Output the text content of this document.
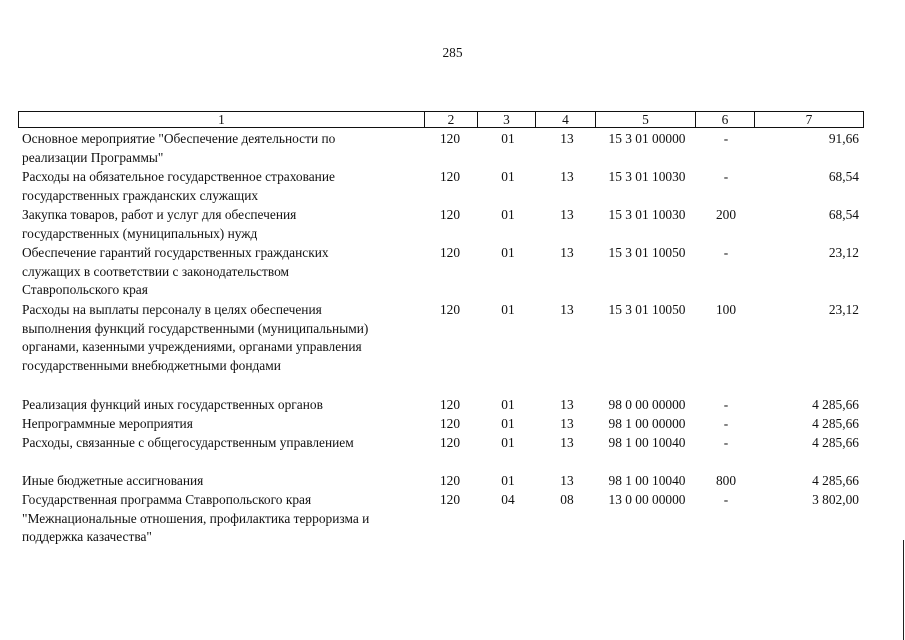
285
1	2	3	4	5	6	7
Основное мероприятие "Обеспечение деятельности по
реализации Программы"
120	01	13	15 3 01 00000	-	91,66
Расходы на обязательное государственное страхование
государственных гражданских служащих
120	01	13	15 3 01 10030	-	68,54
Закупка товаров, работ и услуг для обеспечения
государственных (муниципальных) нужд
120	01	13	15 3 01 10030	200	68,54
Обеспечение гарантий государственных гражданских
служащих в соответствии с законодательством
Ставропольского края
120	01	13	15 3 01 10050	-	23,12
Расходы на выплаты персоналу в целях обеспечения
выполнения функций государственными (муниципальными)
органами, казенными учреждениями, органами управления
государственными внебюджетными фондами
120	01	13	15 3 01 10050	100	23,12
Реализация функций иных государственных органов	120	01	13	98 0 00 00000	-	4 285,66
Непрограммные мероприятия	120	01	13	98 1 00 00000	-	4 285,66
Расходы, связанные с общегосударственным управлением	120	01	13	98 1 00 10040	-	4 285,66
Иные бюджетные ассигнования	120	01	13	98 1 00 10040	800	4 285,66
Государственная программа Ставропольского края
"Межнациональные отношения, профилактика терроризма и
поддержка казачества"
120	04	08	13 0 00 00000	-	3 802,00
